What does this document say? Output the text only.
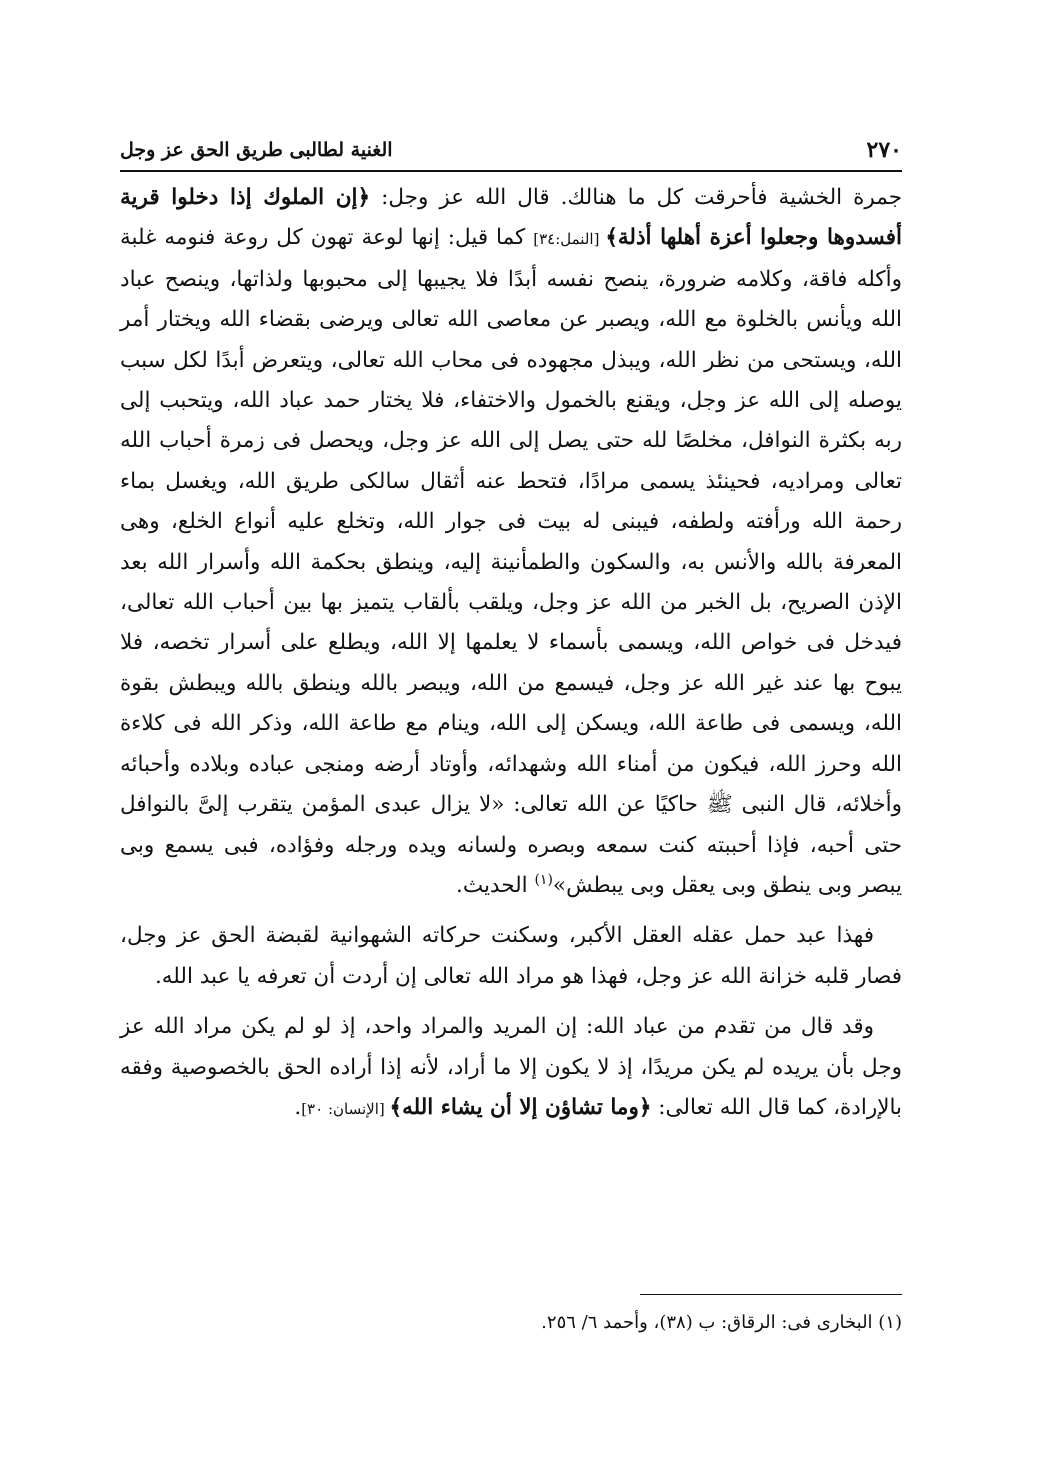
٢٧٠
الغنية لطالبى طريق الحق عز وجل

جمرة الخشية فأحرقت كل ما هنالك. قال الله عز وجل: ﴿إن الملوك إذا دخلوا قرية أفسدوها وجعلوا أعزة أهلها أذلة﴾ [النمل:٣٤] كما قيل: إنها لوعة تهون كل روعة فنومه غلبة وأكله فاقة، وكلامه ضرورة، ينصح نفسه أبدًا فلا يجيبها إلى محبوبها ولذاتها، وينصح عباد الله ويأنس بالخلوة مع الله، ويصبر عن معاصى الله تعالى ويرضى بقضاء الله ويختار أمر الله، ويستحى من نظر الله، ويبذل مجهوده فى محاب الله تعالى، ويتعرض أبدًا لكل سبب يوصله إلى الله عز وجل، ويقنع بالخمول والاختفاء، فلا يختار حمد عباد الله، ويتحبب إلى ربه بكثرة النوافل، مخلصًا لله حتى يصل إلى الله عز وجل، ويحصل فى زمرة أحباب الله تعالى ومراديه، فحينئذ يسمى مرادًا، فتحط عنه أثقال سالكى طريق الله، ويغسل بماء رحمة الله ورأفته ولطفه، فيبنى له بيت فى جوار الله، وتخلع عليه أنواع الخلع، وهى المعرفة بالله والأنس به، والسكون والطمأنينة إليه، وينطق بحكمة الله وأسرار الله بعد الإذن الصريح، بل الخبر من الله عز وجل، ويلقب بألقاب يتميز بها بين أحباب الله تعالى، فيدخل فى خواص الله، ويسمى بأسماء لا يعلمها إلا الله، ويطلع على أسرار تخصه، فلا يبوح بها عند غير الله عز وجل، فيسمع من الله، ويبصر بالله وينطق بالله ويبطش بقوة الله، ويسمى فى طاعة الله، ويسكن إلى الله، وينام مع طاعة الله، وذكر الله فى كلاءة الله وحرز الله، فيكون من أمناء الله وشهدائه، وأوتاد أرضه ومنجى عباده وبلاده وأحبائه وأخلائه، قال النبى ﷺ حاكيًا عن الله تعالى: «لا يزال عبدى المؤمن يتقرب إلىَّ بالنوافل حتى أحبه، فإذا أحببته كنت سمعه وبصره ولسانه ويده ورجله وفؤاده، فبى يسمع وبى يبصر وبى ينطق وبى يعقل وبى يبطش»$^{(١)}$ الحديث.

فهذا عبد حمل عقله العقل الأكبر، وسكنت حركاته الشهوانية لقبضة الحق عز وجل، فصار قلبه خزانة الله عز وجل، فهذا هو مراد الله تعالى إن أردت أن تعرفه يا عبد الله.

وقد قال من تقدم من عباد الله: إن المريد والمراد واحد، إذ لو لم يكن مراد الله عز وجل بأن يريده لم يكن مريدًا، إذ لا يكون إلا ما أراد، لأنه إذا أراده الحق بالخصوصية وفقه بالإرادة، كما قال الله تعالى: ﴿وما تشاؤن إلا أن يشاء الله﴾ [الإنسان: ٣٠].

(١) البخارى فى: الرقاق: ب (٣٨)، وأحمد ٦/ ٢٥٦.
